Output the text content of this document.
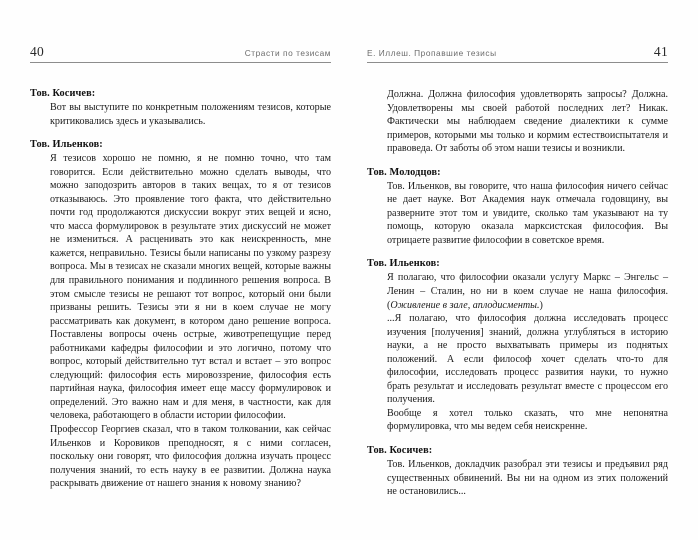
40	Страсти по тезисам
Тов. Косичев:

Вот вы выступите по конкретным положениям тезисов, которые критиковались здесь и указывались.

Тов. Ильенков:

Я тезисов хорошо не помню, я не помню точно, что там говорится. Если действительно можно сделать выводы, что можно заподозрить авторов в таких вещах, то я от тезисов отказываюсь. Это проявление того факта, что действительно почти год продолжаются дискуссии вокруг этих вещей и ясно, что масса формулировок в результате этих дискуссий не может не измениться. А расценивать это как неискренность, мне кажется, неправильно. Тезисы были написаны по узкому разрезу вопроса. Мы в тезисах не сказали многих вещей, которые важны для правильного понимания и подлинного решения вопроса. В этом смысле тезисы не решают тот вопрос, который они были призваны решить. Тезисы эти я ни в коем случае не могу рассматривать как документ, в котором дано решение вопроса. Поставлены вопросы очень острые, животрепещущие перед работниками кафедры философии и это логично, потому что вопрос, который действительно тут встал и встает – это вопрос следующий: философия есть мировоззрение, философия есть партийная наука, философия имеет еще массу формулировок и определений. Это важно нам и для меня, в частности, как для человека, работающего в области истории философии.

Профессор Георгиев сказал, что в таком толковании, как сейчас Ильенков и Коровиков преподносят, я с ними согласен, поскольку они говорят, что философия должна изучать процесс получения знаний, то есть науку в ее развитии. Должна наука раскрывать движение от нашего знания к новому знанию?

Е. Иллеш. Пропавшие тезисы	41

Должна. Должна философия удовлетворять запросы? Должна. Удовлетворены мы своей работой последних лет? Никак. Фактически мы наблюдаем сведение диалектики к сумме примеров, которыми мы только и кормим естествоиспытателя и правоведа. От заботы об этом наши тезисы и возникли.

Тов. Молодцов:

Тов. Ильенков, вы говорите, что наша философия ничего сейчас не дает науке. Вот Академия наук отмечала годовщину, вы разверните этот том и увидите, сколько там указывают на ту помощь, которую оказала марксистская философия. Вы отрицаете развитие философии в советское время.

Тов. Ильенков:

Я полагаю, что философии оказали услугу Маркс – Энгельс – Ленин – Сталин, но ни в коем случае не наша философия. (Оживление в зале, аплодисменты.)

...Я полагаю, что философия должна исследовать процесс изучения [получения] знаний, должна углубляться в историю науки, а не просто выхватывать примеры из поднятых положений. А если философ хочет сделать что-то для философии, исследовать процесс развития науки, то нужно брать результат и исследовать результат вместе с процессом его получения.

Вообще я хотел только сказать, что мне непонятна формулировка, что мы ведем себя неискренне.

Тов. Косичев:

Тов. Ильенков, докладчик разобрал эти тезисы и предъявил ряд существенных обвинений. Вы ни на одном из этих положений не остановились...
